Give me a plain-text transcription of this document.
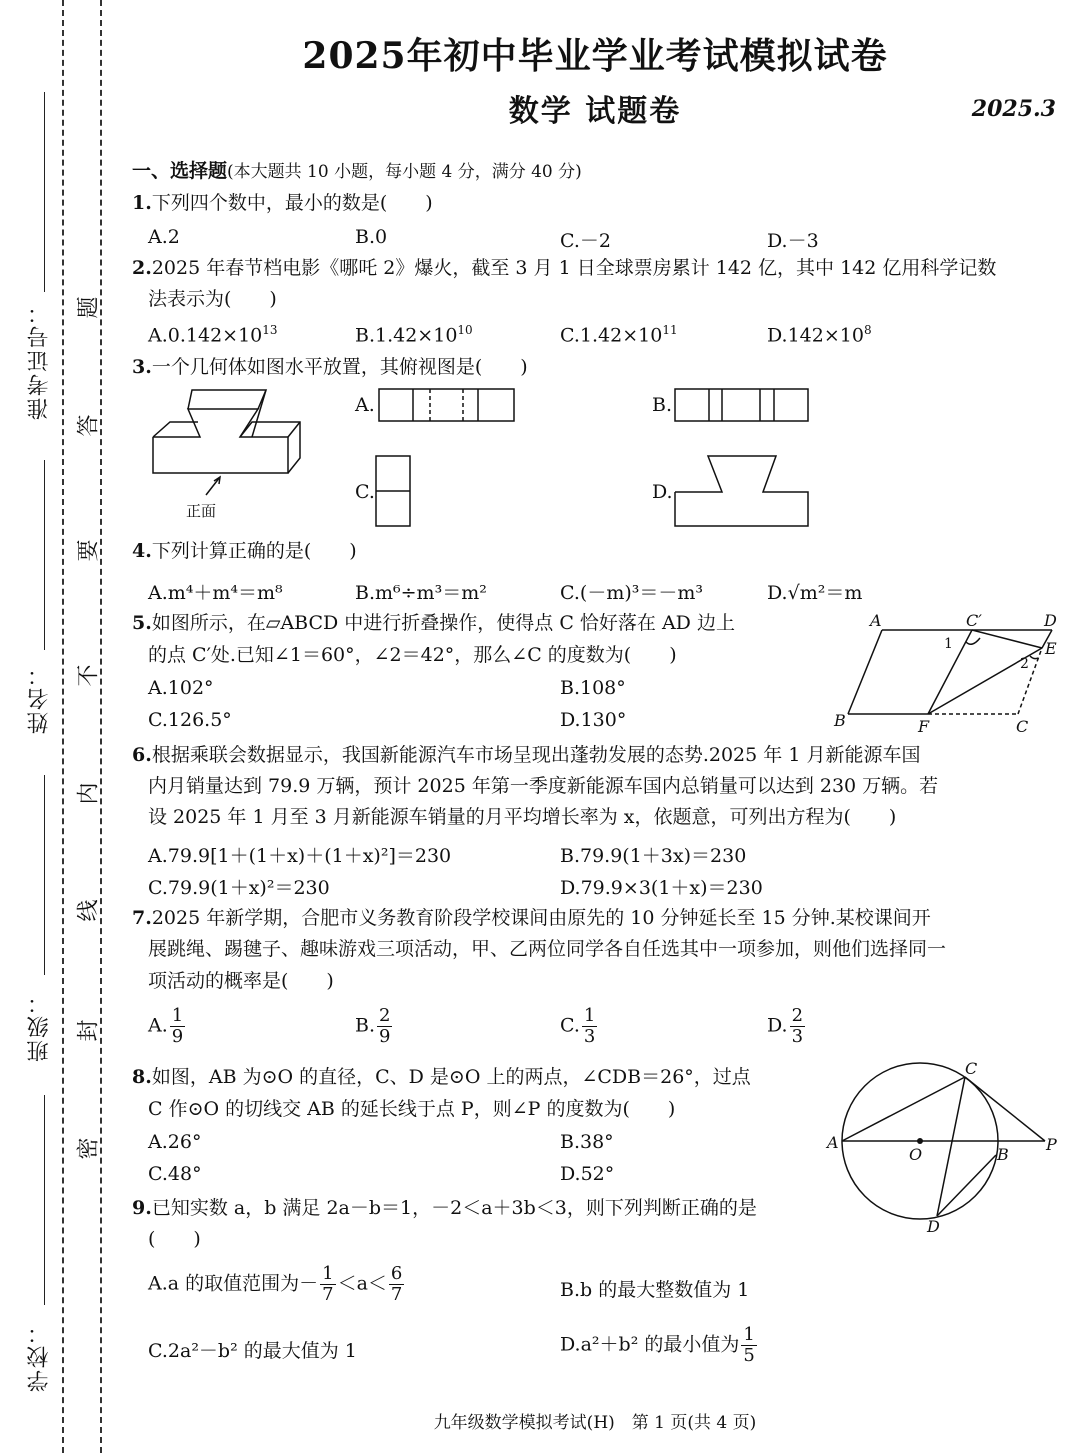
准考证号：
姓名：
班级：
学校：
题
答
要
不
内
线
封
密
2025年初中毕业学业考试模拟试卷
数学 试题卷	2025.3
一、选择题(本大题共 10 小题，每小题 4 分，满分 40 分)
1.下列四个数中，最小的数是(　　)
A.2	B.0	C.－2	D.－3
2.2025 年春节档电影《哪吒 2》爆火，截至 3 月 1 日全球票房累计 142 亿，其中 142 亿用科学记数
法表示为(　　)
$A.0.142\times 10^{13}$	$B.1.42\times 10^{10}$	$C.1.42\times 10^{11}$	$D.142\times 10^8$
3.一个几何体如图水平放置，其俯视图是(　　)
正面
A.	B.
C.	D.
4.下列计算正确的是(　　)
A.m⁴＋m⁴＝m⁸	B.m⁶÷m³＝m²	C.(－m)³＝－m³	D.√m²＝m
5.如图所示，在▱ABCD 中进行折叠操作，使得点 C 恰好落在 AD 边上
的点 C′处.已知∠1＝60°，∠2＝42°，那么∠C 的度数为(　　)
A.102°	B.108°
C.126.5°	D.130°
A	C′	D
E
B	F	C
1
2
6.根据乘联会数据显示，我国新能源汽车市场呈现出蓬勃发展的态势.2025 年 1 月新能源车国
内月销量达到 79.9 万辆，预计 2025 年第一季度新能源车国内总销量可以达到 230 万辆。若
设 2025 年 1 月至 3 月新能源车销量的月平均增长率为 x，依题意，可列出方程为(　　)
A.79.9[1＋(1＋x)＋(1＋x)²]＝230	B.79.9(1＋3x)＝230
C.79.9(1＋x)²＝230	D.79.9×3(1＋x)＝230
7.2025 年新学期，合肥市义务教育阶段学校课间由原先的 10 分钟延长至 15 分钟.某校课间开
展跳绳、踢毽子、趣味游戏三项活动，甲、乙两位同学各自任选其中一项参加，则他们选择同一
项活动的概率是(　　)
A. $\frac{1}{9}$	B. $\frac{2}{9}$	C. $\frac{1}{3}$	D. $\frac{2}{3}$
8.如图，AB 为⊙O 的直径，C、D 是⊙O 上的两点，∠CDB＝26°，过点
C 作⊙O 的切线交 AB 的延长线于点 P，则∠P 的度数为(　　)
A.26°	B.38°
C.48°	D.52°
A
O	B
P
C
D
9.已知实数 a，b 满足 2a－b＝1，－2＜a＋3b＜3，则下列判断正确的是
(　　)
A.a 的取值范围为－ $\frac{1}{7} <a< \frac{6}{7}$	B.b 的最大整数值为 1
C.2a²－b² 的最大值为 1	D.a²＋b² 的最小值为 $\frac{1}{5}$
九年级数学模拟考试(H)　第 1 页(共 4 页)
